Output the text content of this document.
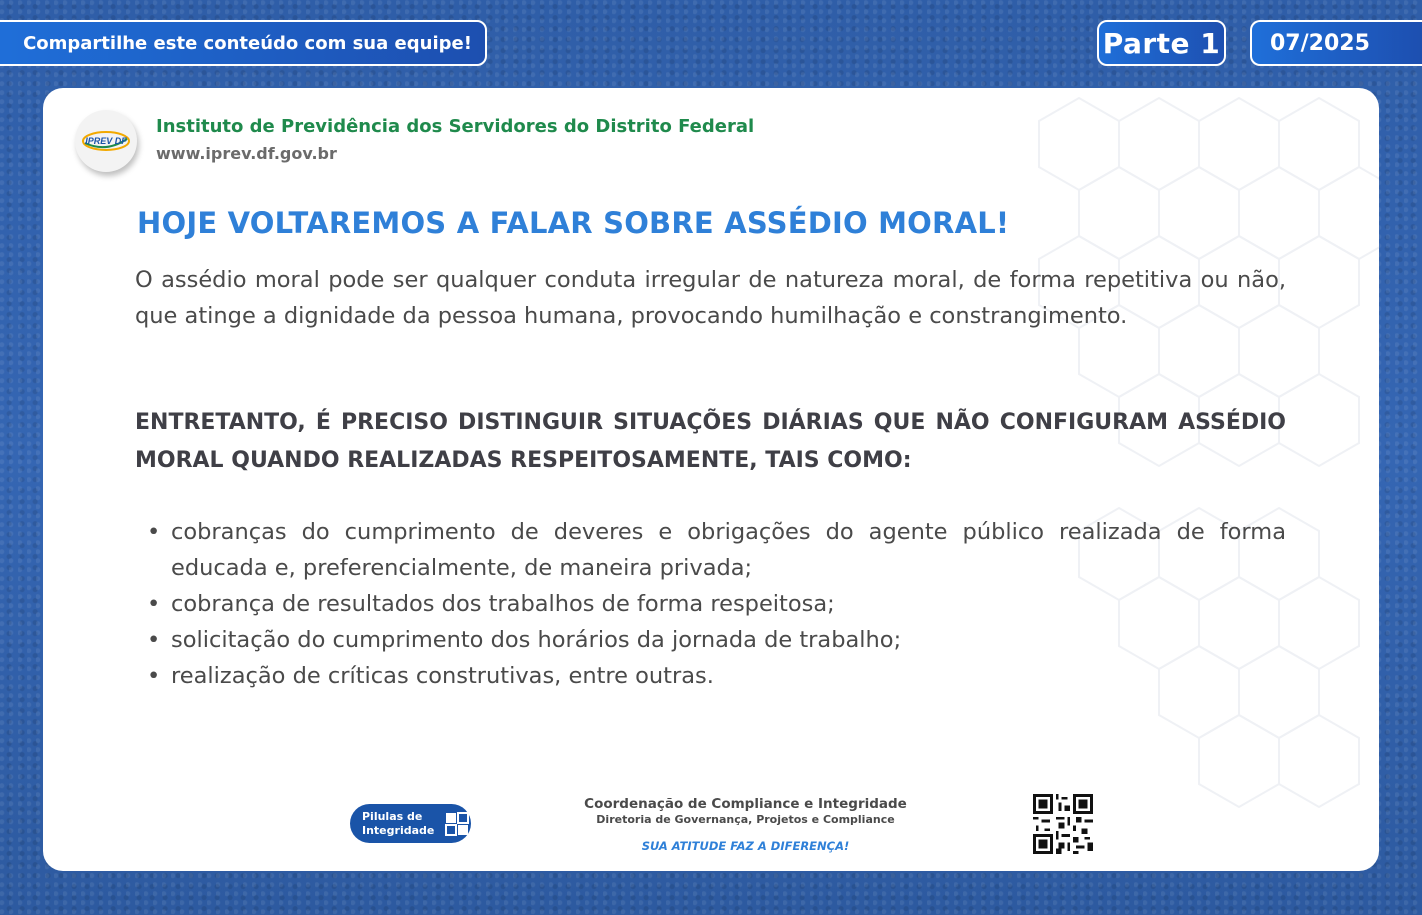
Compartilhe este conteúdo com sua equipe!	Parte 1 07/2025
IPREV DF
Instituto de Previdência dos Servidores do Distrito Federal
www.iprev.df.gov.br
HOJE VOLTAREMOS A FALAR SOBRE ASSÉDIO MORAL!

O assédio moral pode ser qualquer conduta irregular de natureza moral, de forma repetitiva ou não, que atinge a dignidade da pessoa humana, provocando humilhação e constrangimento.

ENTRETANTO, É PRECISO DISTINGUIR SITUAÇÕES DIÁRIAS QUE NÃO CONFIGURAM ASSÉDIO MORAL QUANDO REALIZADAS RESPEITOSAMENTE, TAIS COMO:

• cobranças do cumprimento de deveres e obrigações do agente público realizada de forma educada e, preferencialmente, de maneira privada;
• cobrança de resultados dos trabalhos de forma respeitosa;
• solicitação do cumprimento dos horários da jornada de trabalho;
• realização de críticas construtivas, entre outras.
Pilulas de
Integridade
Coordenação de Compliance e Integridade
Diretoria de Governança, Projetos e Compliance
SUA ATITUDE FAZ A DIFERENÇA!
